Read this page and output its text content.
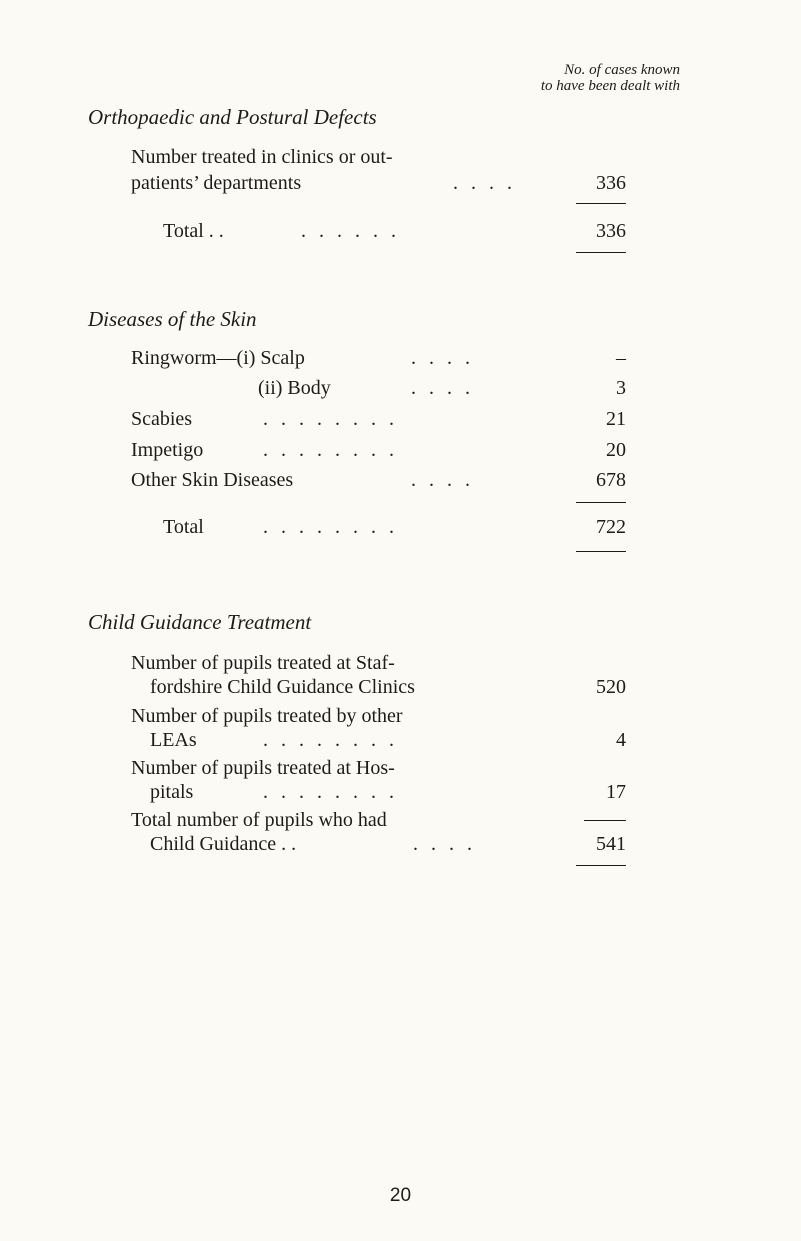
No. of cases known
to have been dealt with
Orthopaedic and Postural Defects
Number treated in clinics or out-
patients’ departments	. . . .	336
Total . .	. . . . . .	336
Diseases of the Skin
Ringworm—(i) Scalp	. . . .	–
(ii) Body	. . . .	3
Scabies	. . . . . . . .	21
Impetigo	. . . . . . . .	20
Other Skin Diseases	. . . .	678
Total	. . . . . . . .	722
Child Guidance Treatment
Number of pupils treated at Staf-
fordshire Child Guidance Clinics	520
Number of pupils treated by other
LEAs	. . . . . . . .	4
Number of pupils treated at Hos-
pitals	. . . . . . . .	17
Total number of pupils who had
Child Guidance . .	. . . .	541
20
